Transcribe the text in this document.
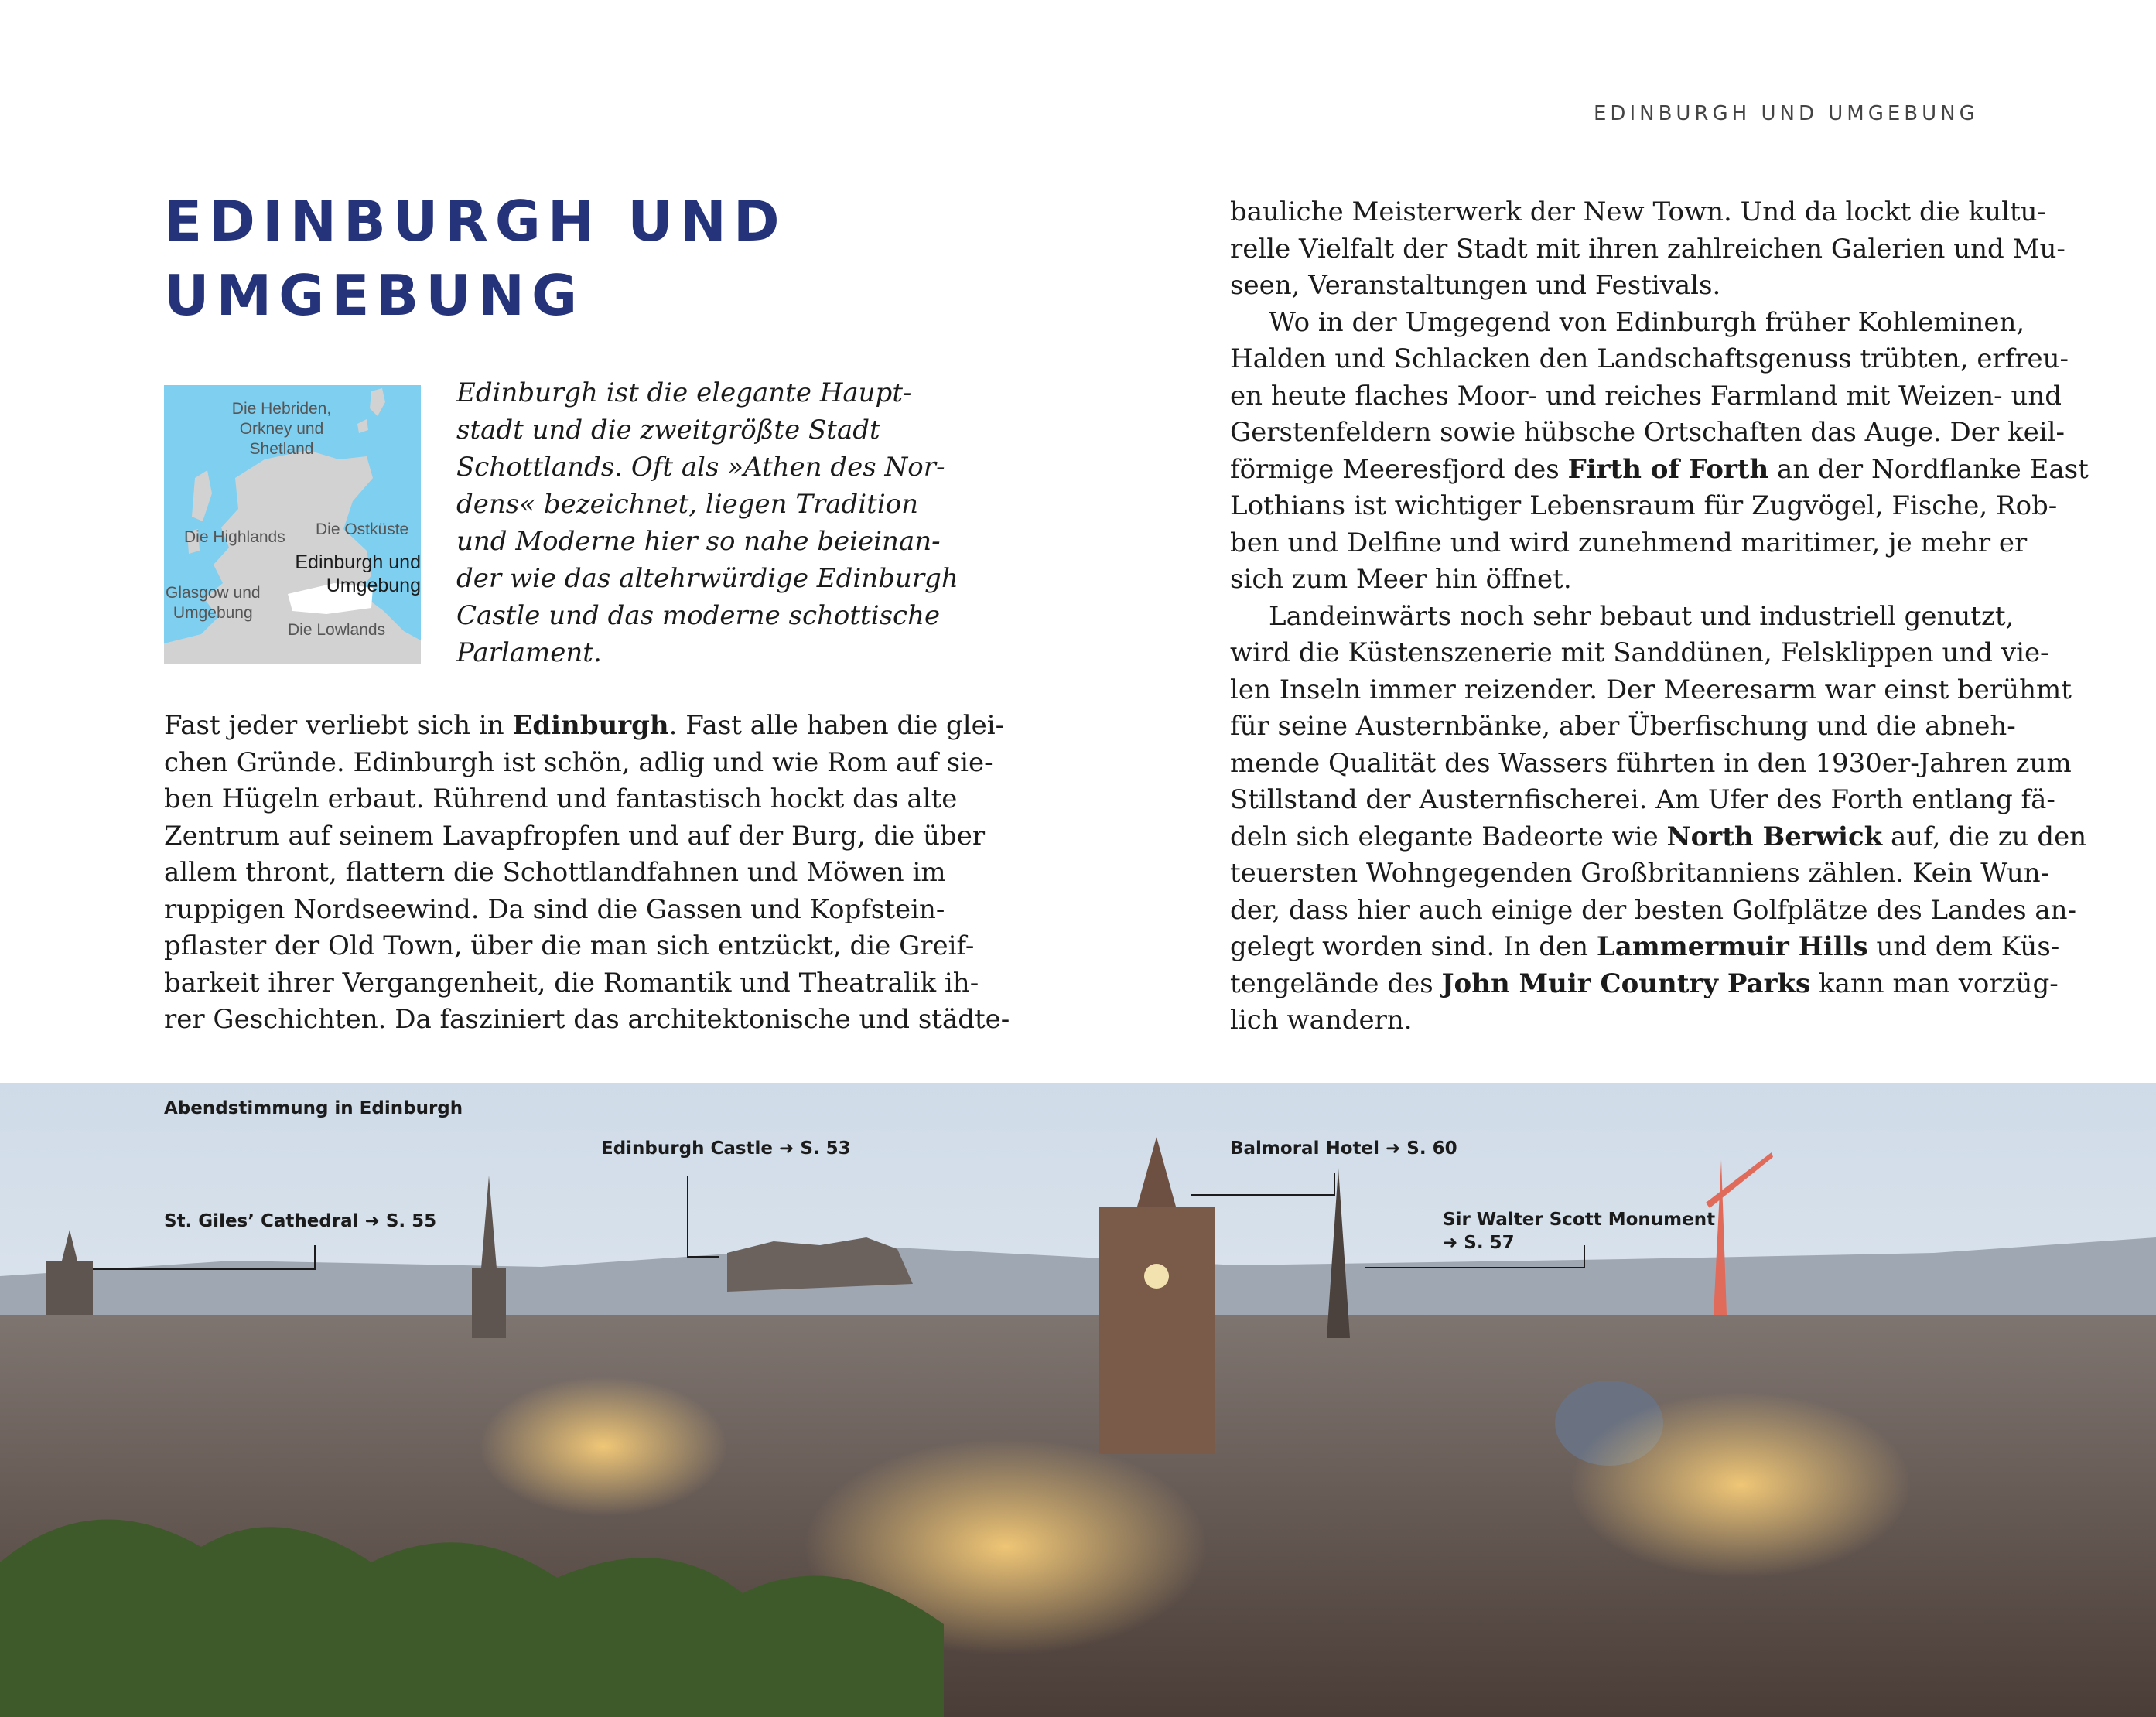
EDINBURGH UND UMGEBUNG
EDINBURGH UND
UMGEBUNG
Die Hebriden,
Orkney und
Shetland
Die Highlands Die Ostküste
Edinburgh und
Umgebung
Glasgow und
Umgebung
Die Lowlands
Edinburgh ist die elegante Haupt-
stadt und die zweitgrößte Stadt
Schottlands. Oft als »Athen des Nor-
dens« bezeichnet, liegen Tradition
und Moderne hier so nahe beieinan-
der wie das altehrwürdige Edinburgh
Castle und das moderne schottische
Parlament.
Fast jeder verliebt sich in Edinburgh. Fast alle haben die glei-
chen Gründe. Edinburgh ist schön, adlig und wie Rom auf sie-
ben Hügeln erbaut. Rührend und fantastisch hockt das alte
Zentrum auf seinem Lavapfropfen und auf der Burg, die über
allem thront, flattern die Schottlandfahnen und Möwen im
ruppigen Nordseewind. Da sind die Gassen und Kopfstein-
pflaster der Old Town, über die man sich entzückt, die Greif-
barkeit ihrer Vergangenheit, die Romantik und Theatralik ih-
rer Geschichten. Da fasziniert das architektonische und städte-
bauliche Meisterwerk der New Town. Und da lockt die kultu-
relle Vielfalt der Stadt mit ihren zahlreichen Galerien und Mu-
seen, Veranstaltungen und Festivals.
Wo in der Umgegend von Edinburgh früher Kohleminen,
Halden und Schlacken den Landschaftsgenuss trübten, erfreu-
en heute flaches Moor- und reiches Farmland mit Weizen- und
Gerstenfeldern sowie hübsche Ortschaften das Auge. Der keil-
förmige Meeresfjord des Firth of Forth an der Nordflanke East
Lothians ist wichtiger Lebensraum für Zugvögel, Fische, Rob-
ben und Delfine und wird zunehmend maritimer, je mehr er
sich zum Meer hin öffnet.
Landeinwärts noch sehr bebaut und industriell genutzt,
wird die Küstenszenerie mit Sanddünen, Felsklippen und vie-
len Inseln immer reizender. Der Meeresarm war einst berühmt
für seine Austernbänke, aber Überfischung und die abneh-
mende Qualität des Wassers führten in den 1930er-Jahren zum
Stillstand der Austernfischerei. Am Ufer des Forth entlang fä-
deln sich elegante Badeorte wie North Berwick auf, die zu den
teuersten Wohngegenden Großbritanniens zählen. Kein Wun-
der, dass hier auch einige der besten Golfplätze des Landes an-
gelegt worden sind. In den Lammermuir Hills und dem Küs-
tengelände des John Muir Country Parks kann man vorzüg-
lich wandern.
Abendstimmung in Edinburgh
Edinburgh Castle ➜ S. 53
St. Giles’ Cathedral ➜ S. 55
Balmoral Hotel ➜ S. 60
Sir Walter Scott Monument
➜ S. 57
